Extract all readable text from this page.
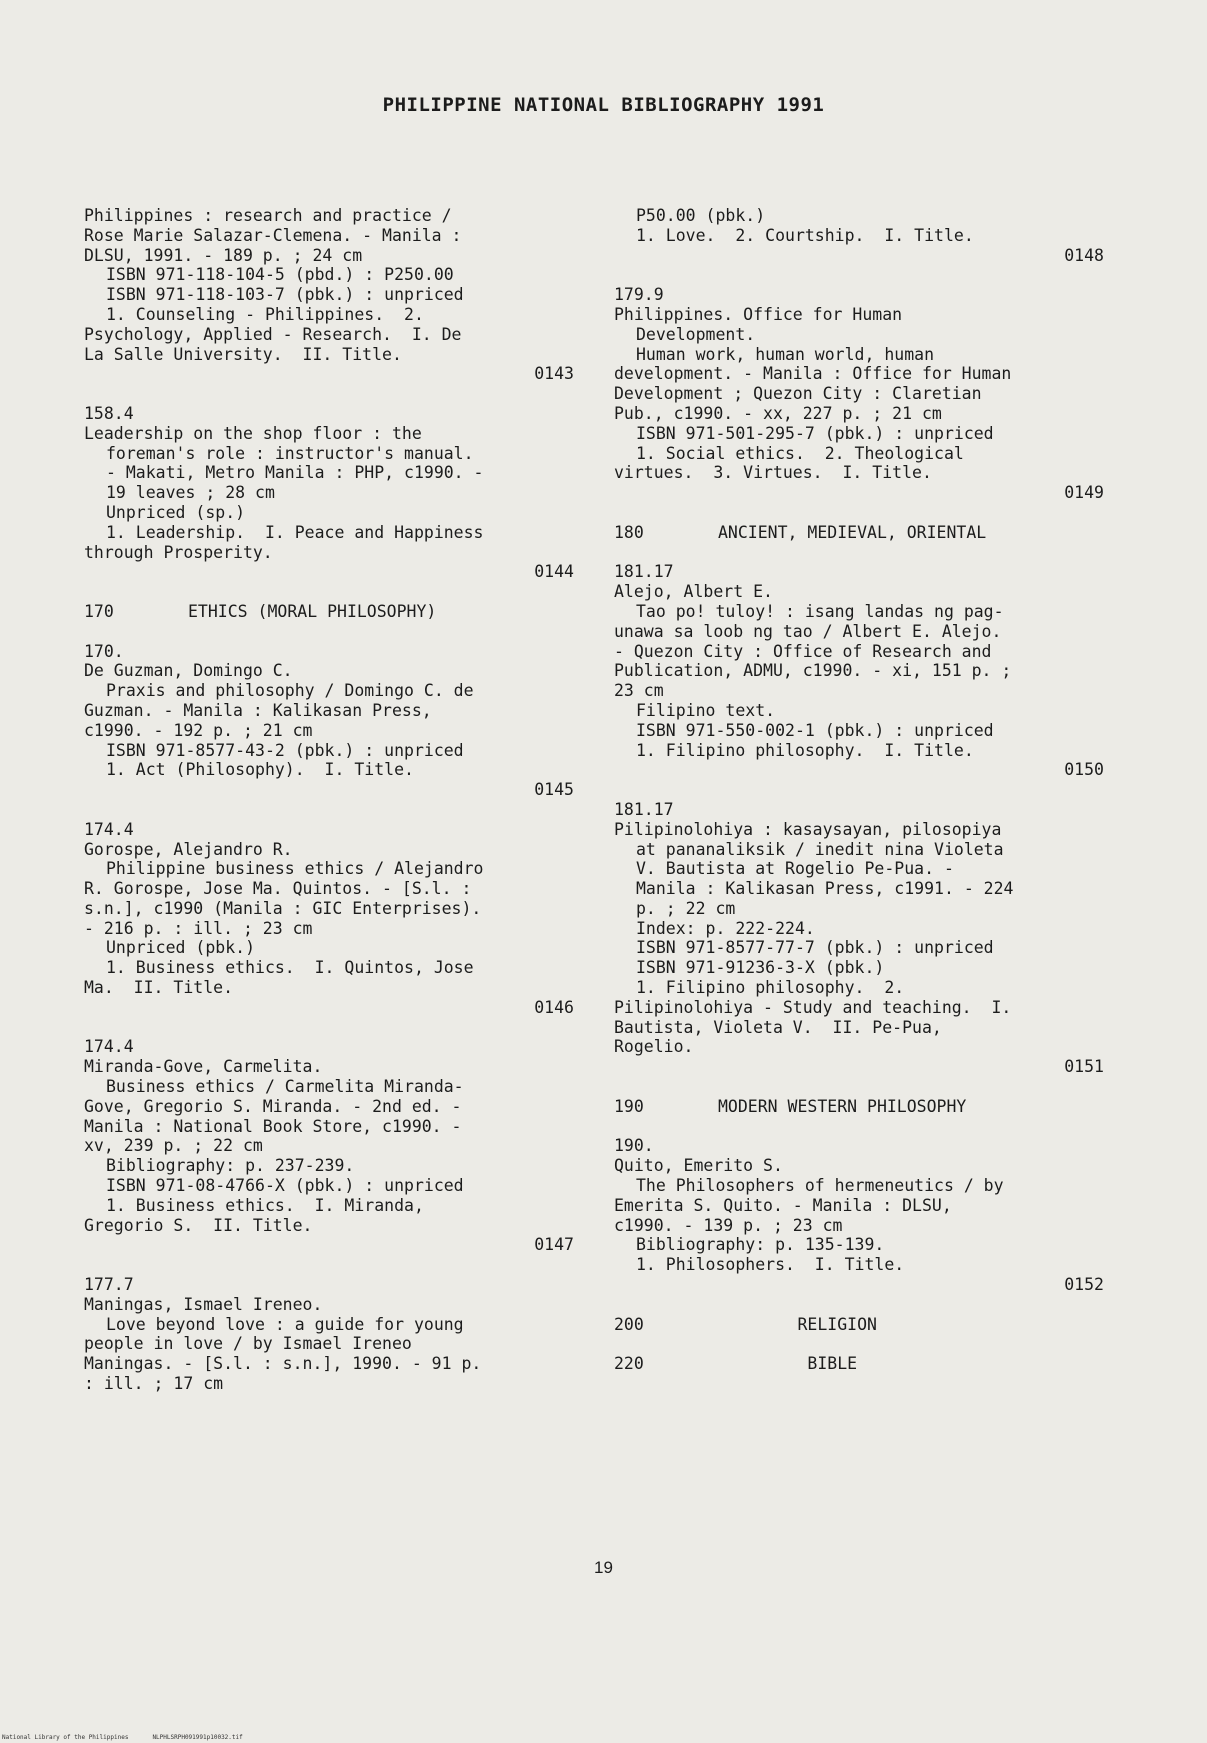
PHILIPPINE NATIONAL BIBLIOGRAPHY 1991
Philippines : research and practice /
Rose Marie Salazar-Clemena. - Manila :
DLSU, 1991. - 189 p. ; 24 cm
ISBN 971-118-104-5 (pbd.) : P250.00
ISBN 971-118-103-7 (pbk.) : unpriced
1. Counseling - Philippines.  2.
Psychology, Applied - Research.  I. De
La Salle University.  II. Title.
0143
158.4
Leadership on the shop floor : the
foreman's role : instructor's manual.
- Makati, Metro Manila : PHP, c1990. -
19 leaves ; 28 cm
Unpriced (sp.)
1. Leadership.  I. Peace and Happiness
through Prosperity.
0144
170	ETHICS (MORAL PHILOSOPHY)
170.
De Guzman, Domingo C.
Praxis and philosophy / Domingo C. de
Guzman. - Manila : Kalikasan Press,
c1990. - 192 p. ; 21 cm
ISBN 971-8577-43-2 (pbk.) : unpriced
1. Act (Philosophy).  I. Title.
0145
174.4
Gorospe, Alejandro R.
Philippine business ethics / Alejandro
R. Gorospe, Jose Ma. Quintos. - [S.l. :
s.n.], c1990 (Manila : GIC Enterprises).
- 216 p. : ill. ; 23 cm
Unpriced (pbk.)
1. Business ethics.  I. Quintos, Jose
Ma.  II. Title.
0146
174.4
Miranda-Gove, Carmelita.
Business ethics / Carmelita Miranda-
Gove, Gregorio S. Miranda. - 2nd ed. -
Manila : National Book Store, c1990. -
xv, 239 p. ; 22 cm
Bibliography: p. 237-239.
ISBN 971-08-4766-X (pbk.) : unpriced
1. Business ethics.  I. Miranda,
Gregorio S.  II. Title.
0147
177.7
Maningas, Ismael Ireneo.
Love beyond love : a guide for young
people in love / by Ismael Ireneo
Maningas. - [S.l. : s.n.], 1990. - 91 p.
: ill. ; 17 cm
P50.00 (pbk.)
1. Love.  2. Courtship.  I. Title.
0148
179.9
Philippines. Office for Human
Development.
Human work, human world, human
development. - Manila : Office for Human
Development ; Quezon City : Claretian
Pub., c1990. - xx, 227 p. ; 21 cm
ISBN 971-501-295-7 (pbk.) : unpriced
1. Social ethics.  2. Theological
virtues.  3. Virtues.  I. Title.
0149
180	ANCIENT, MEDIEVAL, ORIENTAL
181.17
Alejo, Albert E.
Tao po! tuloy! : isang landas ng pag-
unawa sa loob ng tao / Albert E. Alejo.
- Quezon City : Office of Research and
Publication, ADMU, c1990. - xi, 151 p. ;
23 cm
Filipino text.
ISBN 971-550-002-1 (pbk.) : unpriced
1. Filipino philosophy.  I. Title.
0150
181.17
Pilipinolohiya : kasaysayan, pilosopiya
at pananaliksik / inedit nina Violeta
V. Bautista at Rogelio Pe-Pua. -
Manila : Kalikasan Press, c1991. - 224
p. ; 22 cm
Index: p. 222-224.
ISBN 971-8577-77-7 (pbk.) : unpriced
ISBN 971-91236-3-X (pbk.)
1. Filipino philosophy.  2.
Pilipinolohiya - Study and teaching.  I.
Bautista, Violeta V.  II. Pe-Pua,
Rogelio.
0151
190	MODERN WESTERN PHILOSOPHY
190.
Quito, Emerito S.
The Philosophers of hermeneutics / by
Emerita S. Quito. - Manila : DLSU,
c1990. - 139 p. ; 23 cm
Bibliography: p. 135-139.
1. Philosophers.  I. Title.
0152
200	RELIGION
220	BIBLE
19
National Library of the Philippines	NLPHLSRPH091991p10032.tif
